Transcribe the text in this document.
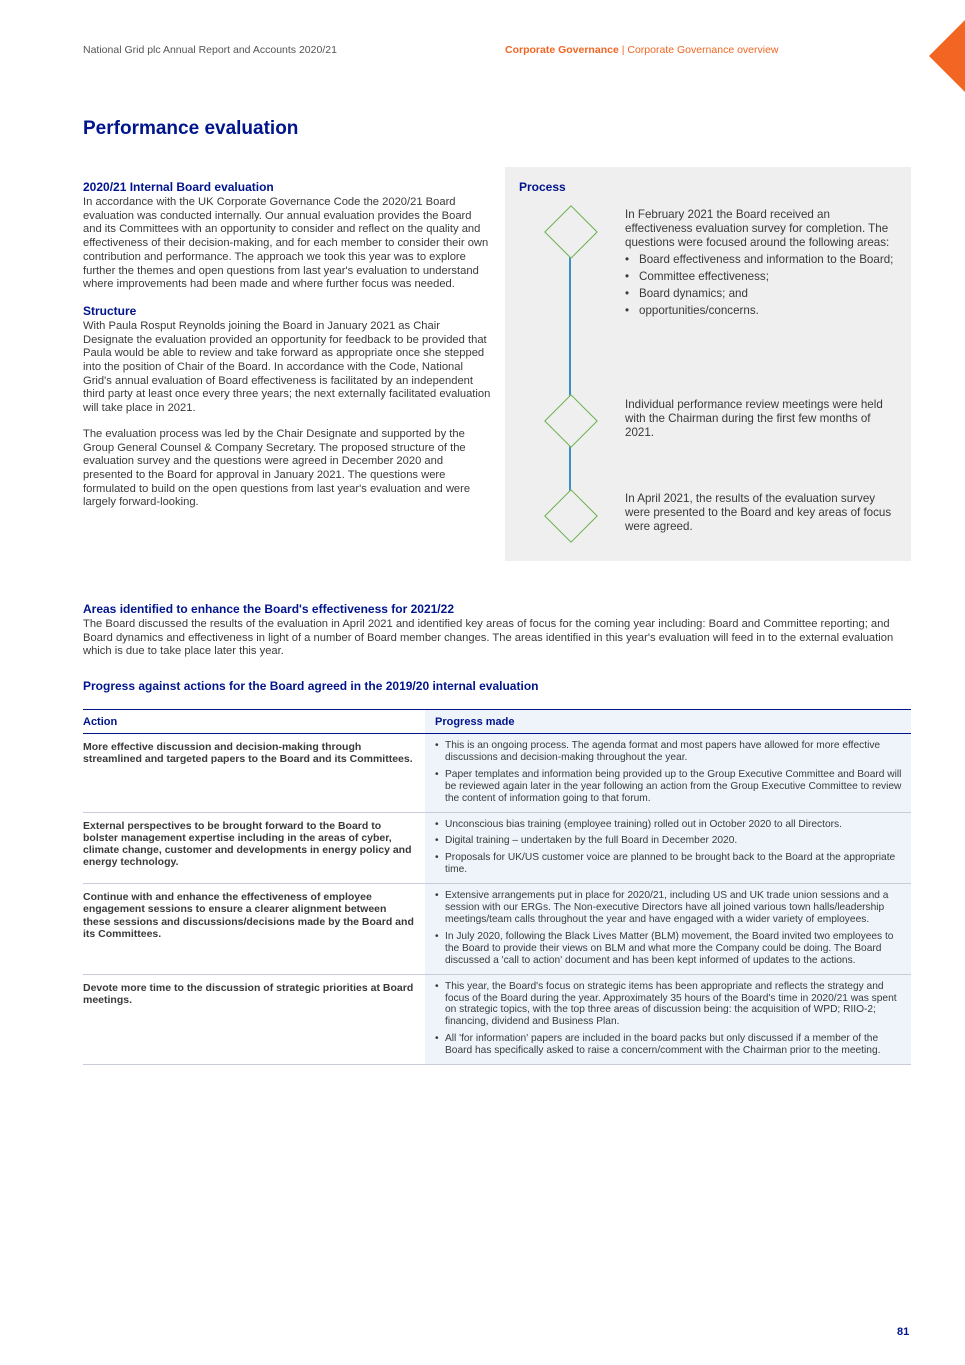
National Grid plc Annual Report and Accounts 2020/21	Corporate Governance | Corporate Governance overview
Performance evaluation
2020/21 Internal Board evaluation

In accordance with the UK Corporate Governance Code the 2020/21 Board evaluation was conducted internally. Our annual evaluation provides the Board and its Committees with an opportunity to consider and reflect on the quality and effectiveness of their decision-making, and for each member to consider their own contribution and performance. The approach we took this year was to explore further the themes and open questions from last year's evaluation to understand where improvements had been made and where further focus was needed.

Structure

With Paula Rosput Reynolds joining the Board in January 2021 as Chair Designate the evaluation provided an opportunity for feedback to be provided that Paula would be able to review and take forward as appropriate once she stepped into the position of Chair of the Board. In accordance with the Code, National Grid's annual evaluation of Board effectiveness is facilitated by an independent third party at least once every three years; the next externally facilitated evaluation will take place in 2021.

The evaluation process was led by the Chair Designate and supported by the Group General Counsel & Company Secretary. The proposed structure of the evaluation survey and the questions were agreed in December 2020 and presented to the Board for approval in January 2021. The questions were formulated to build on the open questions from last year's evaluation and were largely forward-looking.

Process
In February 2021 the Board received an effectiveness evaluation survey for completion. The questions were focused around the following areas:
• Board effectiveness and information to the Board;
• Committee effectiveness;
• Board dynamics; and
• opportunities/concerns.
Individual performance review meetings were held with the Chairman during the first few months of 2021.
In April 2021, the results of the evaluation survey were presented to the Board and key areas of focus were agreed.
Areas identified to enhance the Board's effectiveness for 2021/22

The Board discussed the results of the evaluation in April 2021 and identified key areas of focus for the coming year including: Board and Committee reporting; and Board dynamics and effectiveness in light of a number of Board member changes. The areas identified in this year's evaluation will feed in to the external evaluation which is due to take place later this year.

Progress against actions for the Board agreed in the 2019/20 internal evaluation
Action	Progress made
More effective discussion and decision-making through streamlined and targeted papers to the Board and its Committees.
• This is an ongoing process. The agenda format and most papers have allowed for more effective discussions and decision-making throughout the year.
• Paper templates and information being provided up to the Group Executive Committee and Board will be reviewed again later in the year following an action from the Group Executive Committee to review the content of information going to that forum.
External perspectives to be brought forward to the Board to bolster management expertise including in the areas of cyber, climate change, customer and developments in energy policy and energy technology.
• Unconscious bias training (employee training) rolled out in October 2020 to all Directors.
• Digital training – undertaken by the full Board in December 2020.
• Proposals for UK/US customer voice are planned to be brought back to the Board at the appropriate time.
Continue with and enhance the effectiveness of employee engagement sessions to ensure a clearer alignment between these sessions and discussions/decisions made by the Board and its Committees.
• Extensive arrangements put in place for 2020/21, including US and UK trade union sessions and a session with our ERGs. The Non-executive Directors have all joined various town halls/leadership meetings/team calls throughout the year and have engaged with a wider variety of employees.
• In July 2020, following the Black Lives Matter (BLM) movement, the Board invited two employees to the Board to provide their views on BLM and what more the Company could be doing. The Board discussed a 'call to action' document and has been kept informed of updates to the actions.
Devote more time to the discussion of strategic priorities at Board meetings.
• This year, the Board's focus on strategic items has been appropriate and reflects the strategy and focus of the Board during the year. Approximately 35 hours of the Board's time in 2020/21 was spent on strategic topics, with the top three areas of discussion being: the acquisition of WPD; RIIO-2; financing, dividend and Business Plan.
• All 'for information' papers are included in the board packs but only discussed if a member of the Board has specifically asked to raise a concern/comment with the Chairman prior to the meeting.
81
